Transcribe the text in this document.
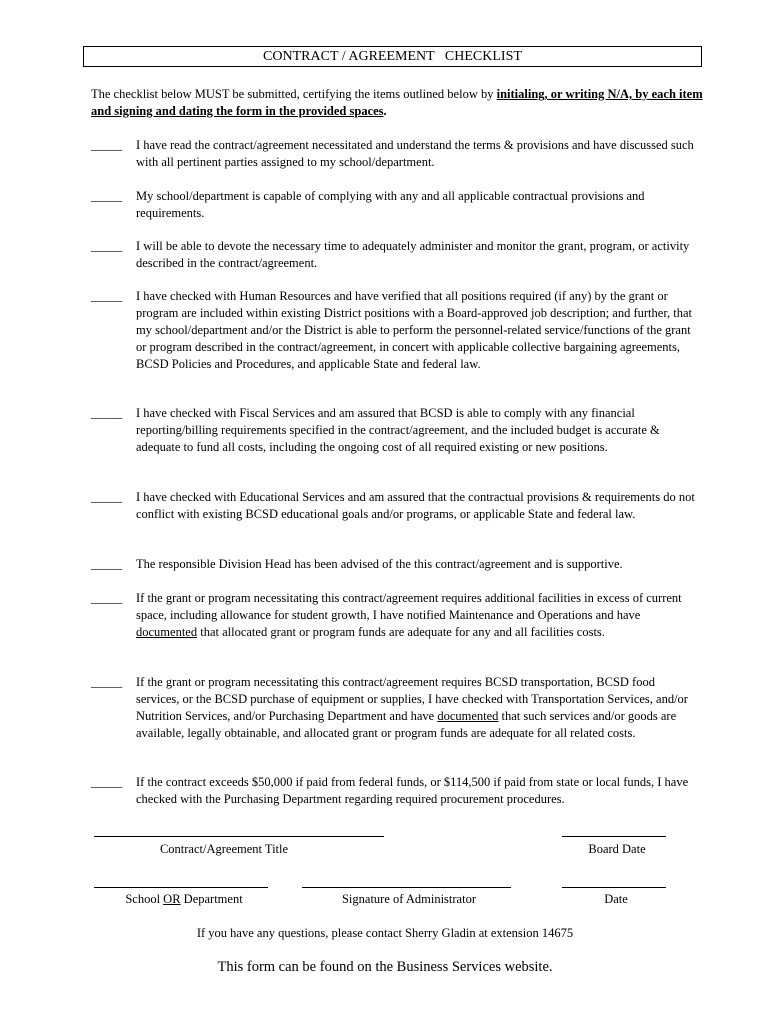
CONTRACT / AGREEMENT   CHECKLIST
The checklist below MUST be submitted, certifying the items outlined below by initialing, or writing N/A, by each item and signing and dating the form in the provided spaces.
_____ I have read the contract/agreement necessitated and understand the terms & provisions and have discussed such with all pertinent parties assigned to my school/department.
_____ My school/department is capable of complying with any and all applicable contractual provisions and requirements.
_____ I will be able to devote the necessary time to adequately administer and monitor the grant, program, or activity described in the contract/agreement.
_____ I have checked with Human Resources and have verified that all positions required (if any) by the grant or program are included within existing District positions with a Board-approved job description; and further, that my school/department and/or the District is able to perform the personnel-related service/functions of the grant or program described in the contract/agreement, in concert with applicable collective bargaining agreements, BCSD Policies and Procedures, and applicable State and federal law.
_____ I have checked with Fiscal Services and am assured that BCSD is able to comply with any financial reporting/billing requirements specified in the contract/agreement, and the included budget is accurate & adequate to fund all costs, including the ongoing cost of all required existing or new positions.
_____ I have checked with Educational Services and am assured that the contractual provisions & requirements do not conflict with existing BCSD educational goals and/or programs, or applicable State and federal law.
_____ The responsible Division Head has been advised of the this contract/agreement and is supportive.
_____ If the grant or program necessitating this contract/agreement requires additional facilities in excess of current space, including allowance for student growth, I have notified Maintenance and Operations and have documented that allocated grant or program funds are adequate for any and all facilities costs.
_____ If the grant or program necessitating this contract/agreement requires BCSD transportation, BCSD food services, or the BCSD purchase of equipment or supplies, I have checked with Transportation Services, and/or Nutrition Services, and/or Purchasing Department and have documented that such services and/or goods are available, legally obtainable, and allocated grant or program funds are adequate for all related costs.
_____ If the contract exceeds $50,000 if paid from federal funds, or $114,500 if paid from state or local funds, I have checked with the Purchasing Department regarding required procurement procedures.
Contract/Agreement Title	Board Date
School OR Department	Signature of Administrator	Date
If you have any questions, please contact Sherry Gladin at extension 14675
This form can be found on the Business Services website.
